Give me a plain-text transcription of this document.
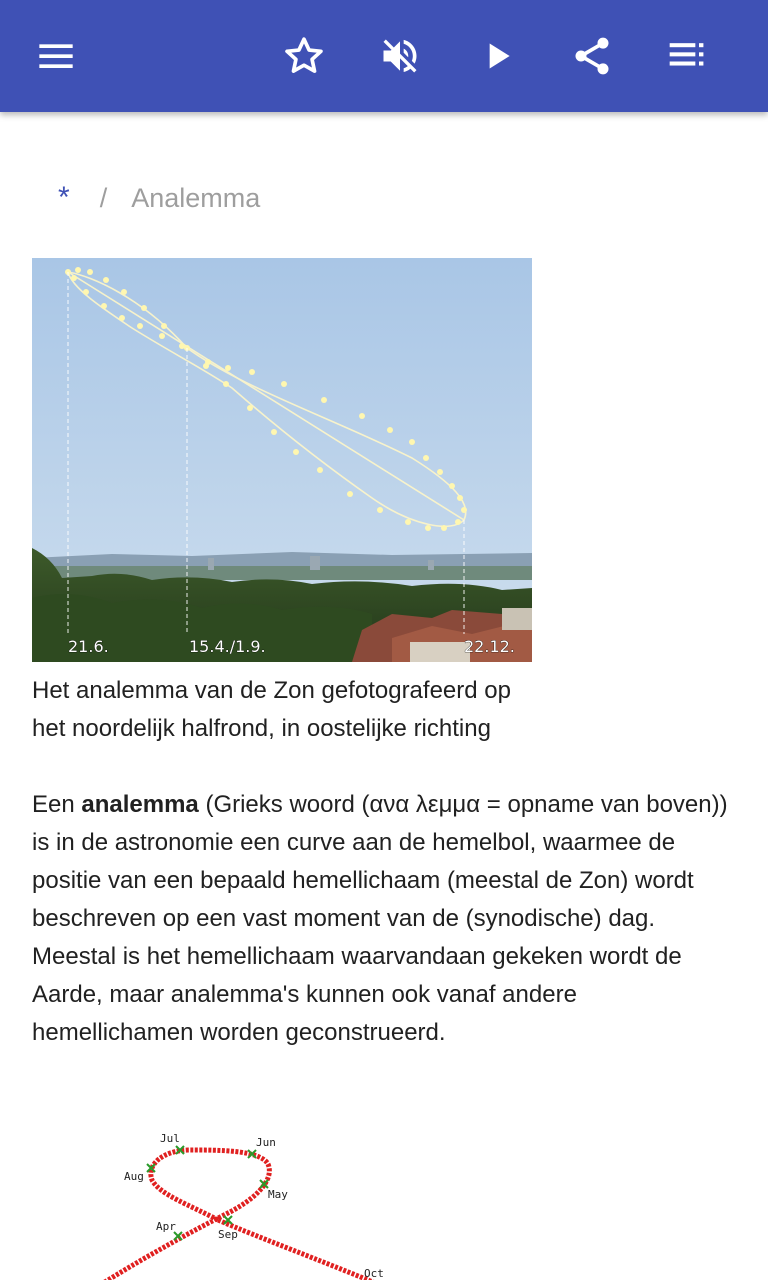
* / Analemma
21.6.	15.4./1.9.	22.12.
Het analemma van de Zon gefotografeerd op het noordelijk halfrond, in oostelijke richting
Een analemma (Grieks woord (ανα λεμμα = opname van boven)) is in de astronomie een curve aan de hemelbol, waarmee de positie van een bepaald hemellichaam (meestal de Zon) wordt beschreven op een vast moment van de (synodische) dag. Meestal is het hemellichaam waarvandaan gekeken wordt de Aarde, maar analemma's kunnen ook vanaf andere hemellichamen worden geconstrueerd.
Jul	Jun
Aug
May
Apr
Sep
Oct
